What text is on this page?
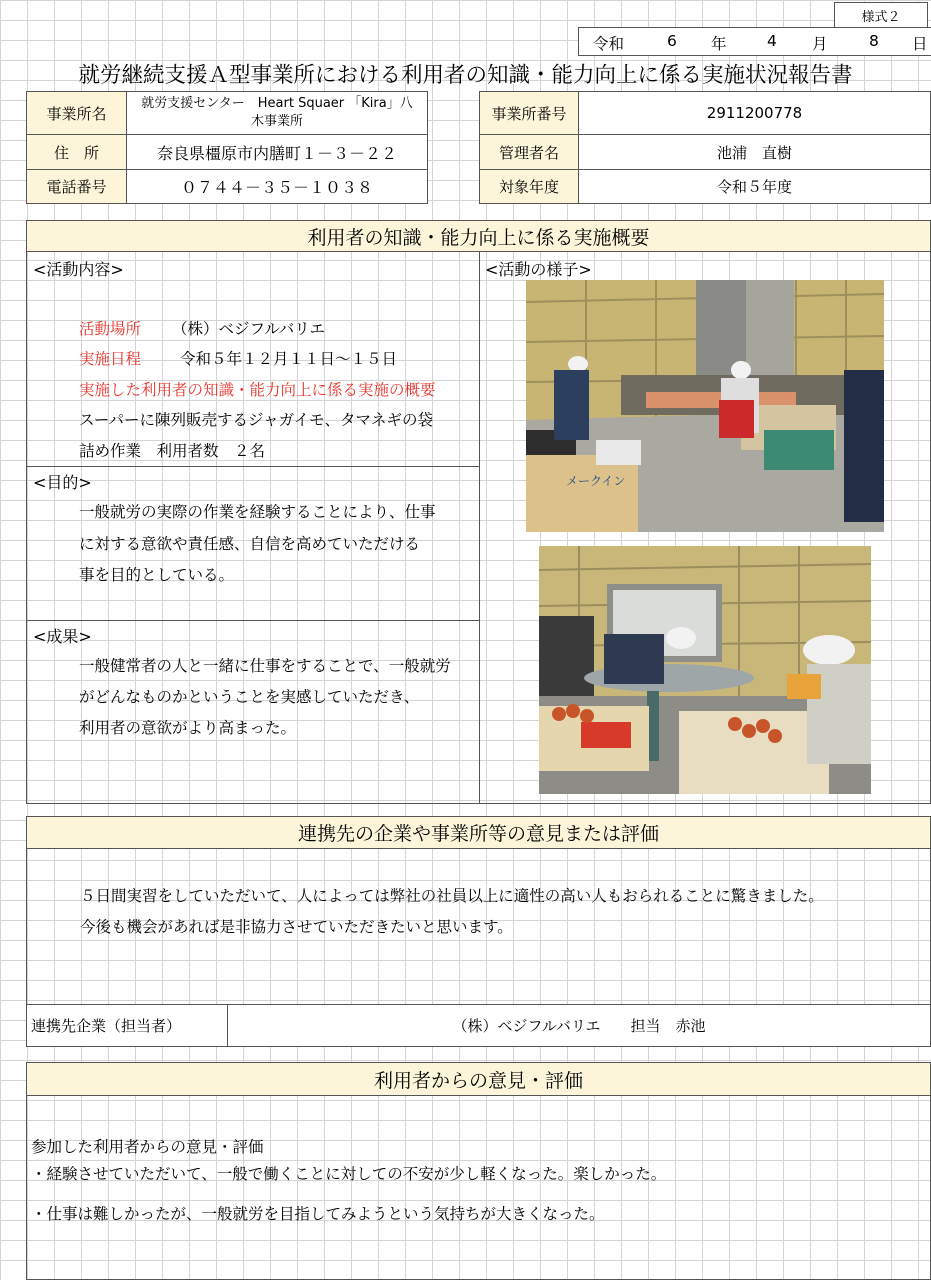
様式２
令和	6 年	4 月	8 日
就労継続支援Ａ型事業所における利用者の知識・能力向上に係る実施状況報告書
事業所名
就労支援センター　Heart Squaer 「Kira」八
木事業所
住　所	奈良県橿原市内膳町１－３－２２
電話番号	０７４４－３５－１０３８
事業所番号	2911200778
管理者名	池浦　直樹
対象年度	令和５年度
利用者の知識・能力向上に係る実施概要
<活動内容>
活動場所 （株）ベジフルバリエ
実施日程	令和５年１２月１１日～１５日
実施した利用者の知識・能力向上に係る実施の概要
スーパーに陳列販売するジャガイモ、タマネギの袋
詰め作業　利用者数　２名
<目的>
一般就労の実際の作業を経験することにより、仕事
に対する意欲や責任感、自信を高めていただける
事を目的としている。
<成果>
一般健常者の人と一緒に仕事をすることで、一般就労
がどんなものかということを実感していただき、
利用者の意欲がより高まった。
<活動の様子>
メークイン
連携先の企業や事業所等の意見または評価
５日間実習をしていただいて、人によっては弊社の社員以上に適性の高い人もおられることに驚きました。
今後も機会があれば是非協力させていただきたいと思います。
連携先企業（担当者）	（株）ベジフルバリエ　　担当　赤池
利用者からの意見・評価
参加した利用者からの意見・評価
・経験させていただいて、一般で働くことに対しての不安が少し軽くなった。楽しかった。
・仕事は難しかったが、一般就労を目指してみようという気持ちが大きくなった。
